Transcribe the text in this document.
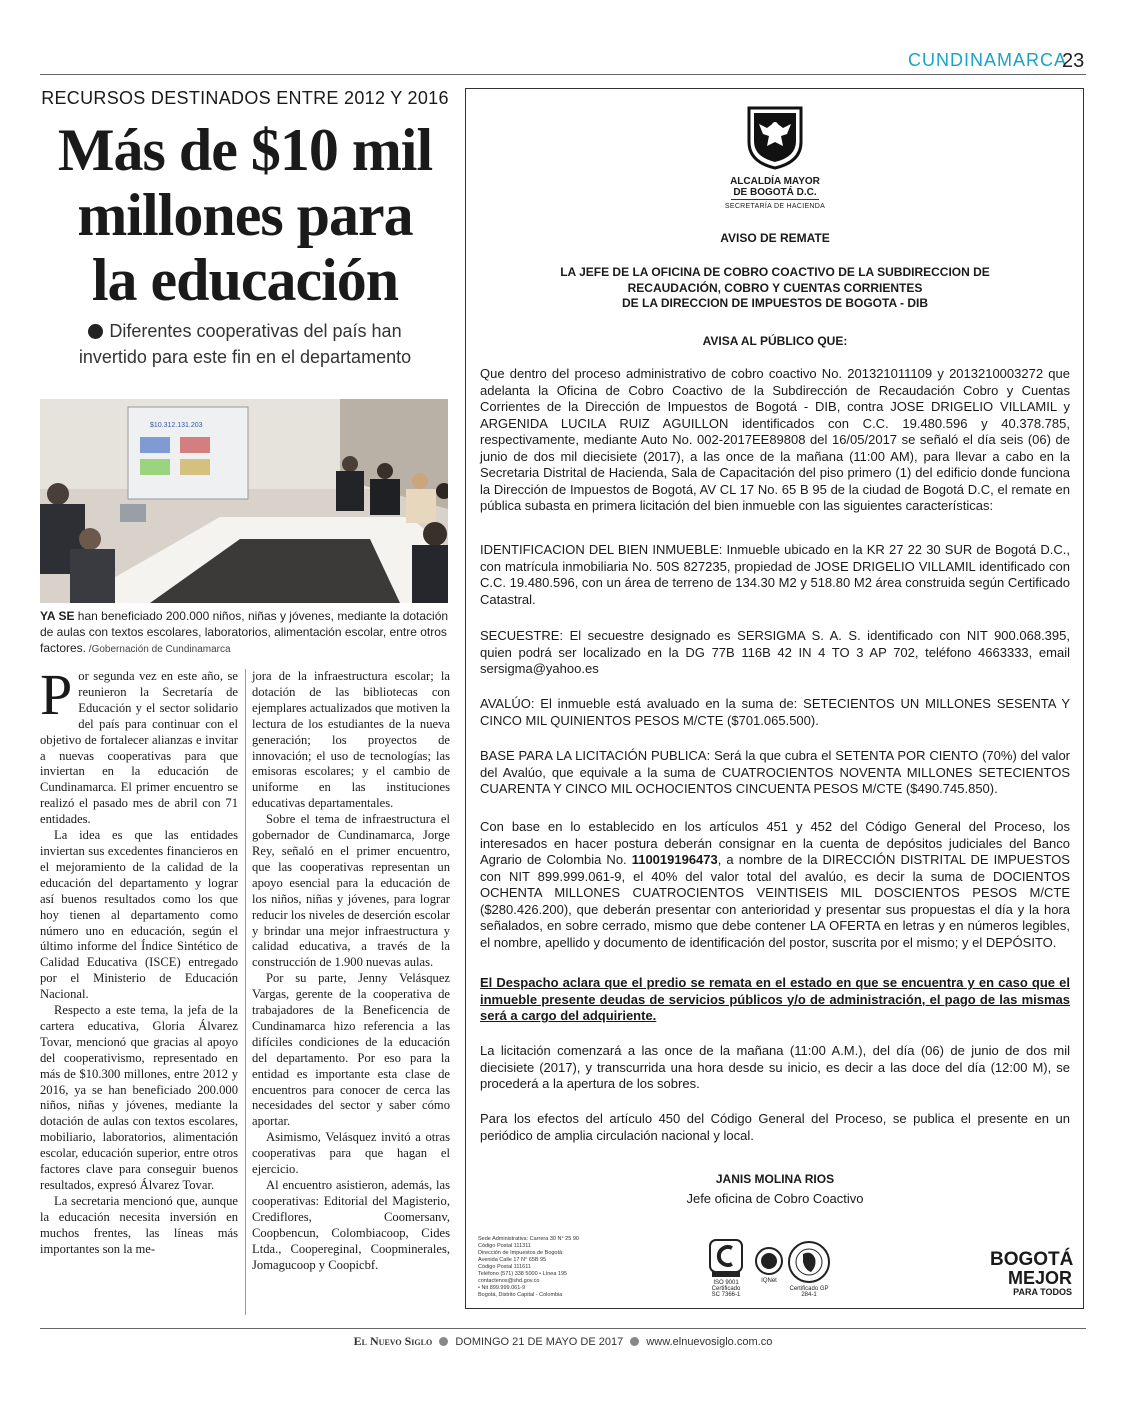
CUNDINAMARCA
23
RECURSOS DESTINADOS ENTRE 2012 Y 2016
Más de $10 mil
millones para
la educación
Diferentes cooperativas del país han
invertido para este fin en el departamento
$10.312.131.203
YA SE han beneficiado 200.000 niños, niñas y jóvenes, mediante la dotación de aulas con textos escolares, laboratorios, alimentación escolar, entre otros factores. /Gobernación de Cundinamarca

Por segunda vez en este año, se reunieron la Secretaría de Educación y el sector solidario del país para continuar con el objetivo de fortalecer alianzas e invitar a nuevas cooperativas para que inviertan en la educación de Cundinamarca. El primer encuentro se realizó el pasado mes de abril con 71 entidades.

La idea es que las entidades inviertan sus excedentes financieros en el mejoramiento de la calidad de la educación del departamento y lograr así buenos resultados como los que hoy tienen al departamento como número uno en educación, según el último informe del Índice Sintético de Calidad Educativa (ISCE) entregado por el Ministerio de Educación Nacional.

Respecto a este tema, la jefa de la cartera educativa, Gloria Álvarez Tovar, mencionó que gracias al apoyo del cooperativismo, representado en más de $10.300 millones, entre 2012 y 2016, ya se han beneficiado 200.000 niños, niñas y jóvenes, mediante la dotación de aulas con textos escolares, mobiliario, laboratorios, alimentación escolar, educación superior, entre otros factores clave para conseguir buenos resultados, expresó Álvarez Tovar.

La secretaria mencionó que, aunque la educación necesita inversión en muchos frentes, las líneas más importantes son la me-

jora de la infraestructura escolar; la dotación de las bibliotecas con ejemplares actualizados que motiven la lectura de los estudiantes de la nueva generación; los proyectos de innovación; el uso de tecnologías; las emisoras escolares; y el cambio de uniforme en las instituciones educativas departamentales.

Sobre el tema de infraestructura el gobernador de Cundinamarca, Jorge Rey, señaló en el primer encuentro, que las cooperativas representan un apoyo esencial para la educación de los niños, niñas y jóvenes, para lograr reducir los niveles de deserción escolar y brindar una mejor infraestructura y calidad educativa, a través de la construcción de 1.900 nuevas aulas.

Por su parte, Jenny Velásquez Vargas, gerente de la cooperativa de trabajadores de la Beneficencia de Cundinamarca hizo referencia a las difíciles condiciones de la educación del departamento. Por eso para la entidad es importante esta clase de encuentros para conocer de cerca las necesidades del sector y saber cómo aportar.

Asimismo, Velásquez invitó a otras cooperativas para que hagan el ejercicio.

Al encuentro asistieron, además, las cooperativas: Editorial del Magisterio, Crediflores, Coomersanv, Coopbencun, Colombiacoop, Cides Ltda., Coopereginal, Coopminerales, Jomagucoop y Coopicbf.

ALCALDÍA MAYOR
DE BOGOTÁ D.C.
SECRETARÍA DE HACIENDA
AVISO DE REMATE
LA JEFE DE LA OFICINA DE COBRO COACTIVO DE LA SUBDIRECCION DE
RECAUDACIÓN, COBRO Y CUENTAS CORRIENTES
DE LA DIRECCION DE IMPUESTOS DE BOGOTA - DIB
AVISA AL PÚBLICO QUE:
Que dentro del proceso administrativo de cobro coactivo No. 201321011109 y 2013210003272 que adelanta la Oficina de Cobro Coactivo de la Subdirección de Recaudación Cobro y Cuentas Corrientes de la Dirección de Impuestos de Bogotá - DIB, contra JOSE DRIGELIO VILLAMIL y ARGENIDA LUCILA RUIZ AGUILLON identificados con C.C. 19.480.596 y 40.378.785, respectivamente, mediante Auto No. 002-2017EE89808 del 16/05/2017 se señaló el día seis (06) de junio de dos mil diecisiete (2017), a las once de la mañana (11:00 AM), para llevar a cabo en la Secretaria Distrital de Hacienda, Sala de Capacitación del piso primero (1) del edificio donde funciona la Dirección de Impuestos de Bogotá, AV CL 17 No. 65 B 95 de la ciudad de Bogotá D.C, el remate en pública subasta en primera licitación del bien inmueble con las siguientes características:
IDENTIFICACION DEL BIEN INMUEBLE: Inmueble ubicado en la KR 27 22 30 SUR de Bogotá D.C., con matrícula inmobiliaria No. 50S 827235, propiedad de JOSE DRIGELIO VILLAMIL identificado con C.C. 19.480.596, con un área de terreno de 134.30 M2 y 518.80 M2 área construida según Certificado Catastral.
SECUESTRE: El secuestre designado es SERSIGMA S. A. S. identificado con NIT 900.068.395, quien podrá ser localizado en la DG 77B 116B 42 IN 4 TO 3 AP 702, teléfono 4663333, email sersigma@yahoo.es
AVALÚO: El inmueble está avaluado en la suma de: SETECIENTOS UN MILLONES SESENTA Y CINCO MIL QUINIENTOS PESOS M/CTE ($701.065.500).
BASE PARA LA LICITACIÓN PUBLICA: Será la que cubra el SETENTA POR CIENTO (70%) del valor del Avalúo, que equivale a la suma de CUATROCIENTOS NOVENTA MILLONES SETECIENTOS CUARENTA Y CINCO MIL OCHOCIENTOS CINCUENTA PESOS M/CTE ($490.745.850).
Con base en lo establecido en los artículos 451 y 452 del Código General del Proceso, los interesados en hacer postura deberán consignar en la cuenta de depósitos judiciales del Banco Agrario de Colombia No. 110019196473, a nombre de la DIRECCIÓN DISTRITAL DE IMPUESTOS con NIT 899.999.061-9, el 40% del valor total del avalúo, es decir la suma de DOCIENTOS OCHENTA MILLONES CUATROCIENTOS VEINTISEIS MIL DOSCIENTOS PESOS M/CTE ($280.426.200), que deberán presentar con anterioridad y presentar sus propuestas el día y la hora señalados, en sobre cerrado, mismo que debe contener LA OFERTA en letras y en números legibles, el nombre, apellido y documento de identificación del postor, suscrita por el mismo; y el DEPÓSITO.
El Despacho aclara que el predio se remata en el estado en que se encuentra y en caso que el inmueble presente deudas de servicios públicos y/o de administración, el pago de las mismas será a cargo del adquiriente.
La licitación comenzará a las once de la mañana (11:00 A.M.), del día (06) de junio de dos mil diecisiete (2017), y transcurrida una hora desde su inicio, es decir a las doce del día (12:00 M), se procederá a la apertura de los sobres.
Para los efectos del artículo 450 del Código General del Proceso, se publica el presente en un periódico de amplia circulación nacional y local.
JANIS MOLINA RIOS
Jefe oficina de Cobro Coactivo
Sede Administrativa: Carrera 30 N° 25 90
Código Postal 111311
Dirección de Impuestos de Bogotá:
Avenida Calle 17 N° 65B 95
Código Postal 111611
Teléfono (571) 338 5000 • Línea 195
contactenos@shd.gov.co
• Nit 899.999.061-9
Bogotá, Distrito Capital - Colombia
ISO 9001
Certificado SC 7366-1
IQNet
Certificado GP 284-1
BOGOTÁ
MEJOR
PARA TODOS
El Nuevo Siglo DOMINGO 21 DE MAYO DE 2017 www.elnuevosiglo.com.co
